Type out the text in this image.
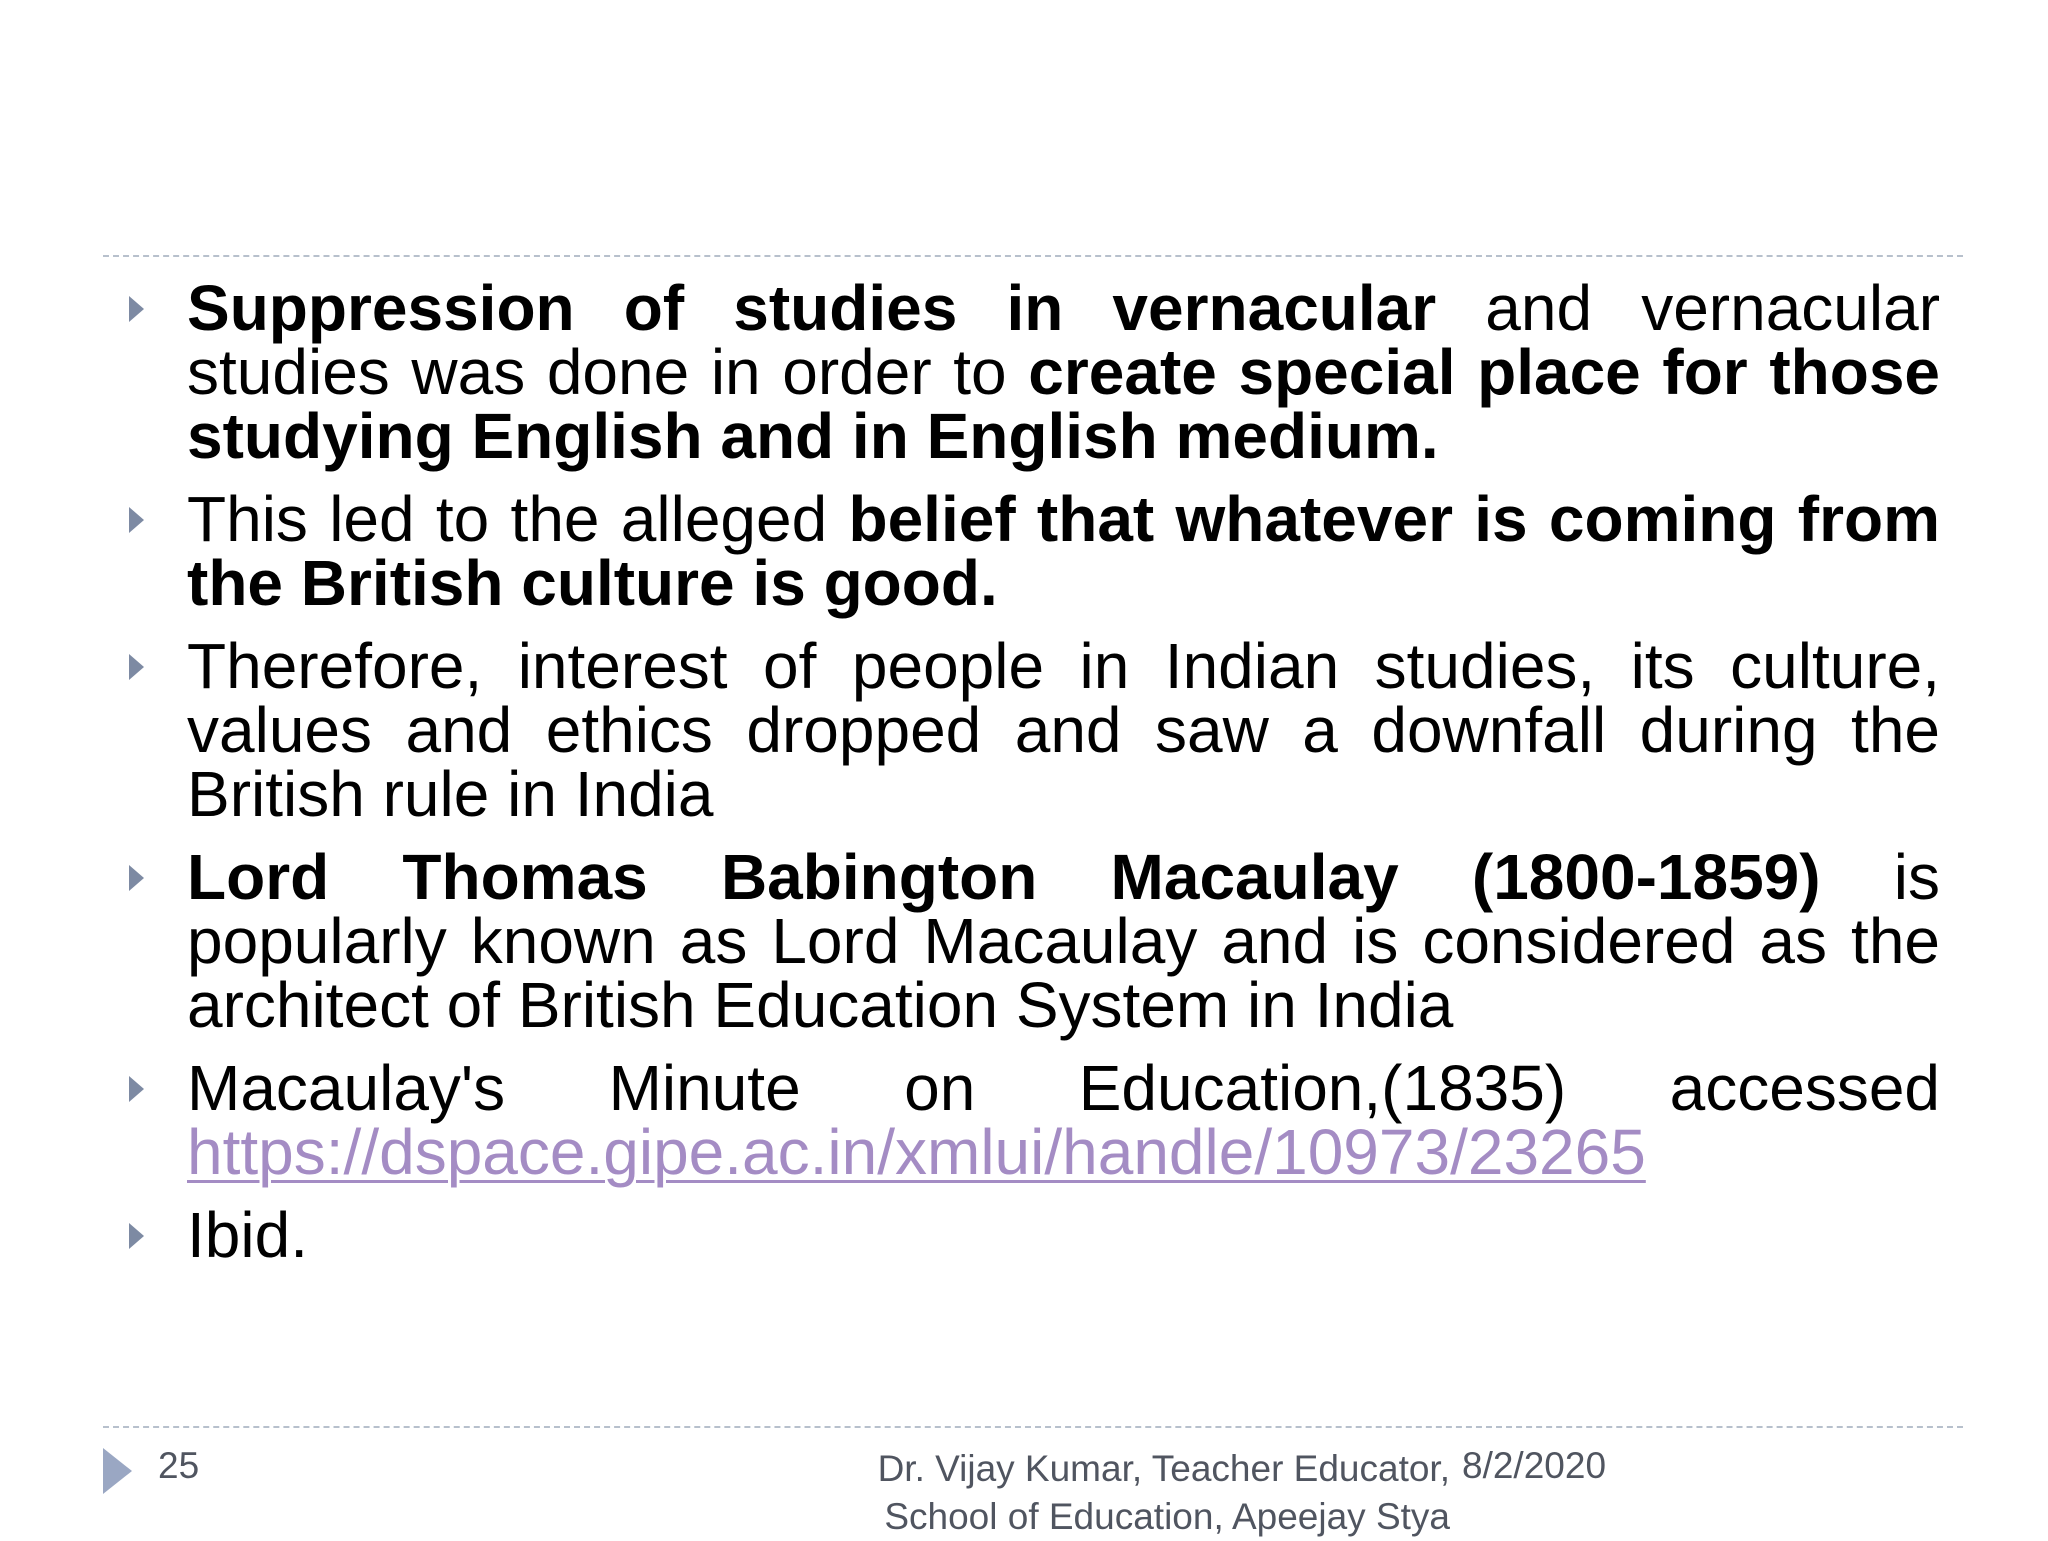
Suppression of studies in vernacular and vernacular studies was done in order to create special place for those studying English and in English medium.
This led to the alleged belief that whatever is coming from the British culture is good.
Therefore, interest of people in Indian studies, its culture, values and ethics dropped and saw a downfall during the British rule in India
Lord Thomas Babington Macaulay (1800-1859) is popularly known as Lord Macaulay and is considered as the architect of British Education System in India
Macaulay's Minute on Education,(1835) accessed https://dspace.gipe.ac.in/xmlui/handle/10973/23265
Ibid.
25	Dr. Vijay Kumar, Teacher Educator,
School of Education, Apeejay Stya
8/2/2020
